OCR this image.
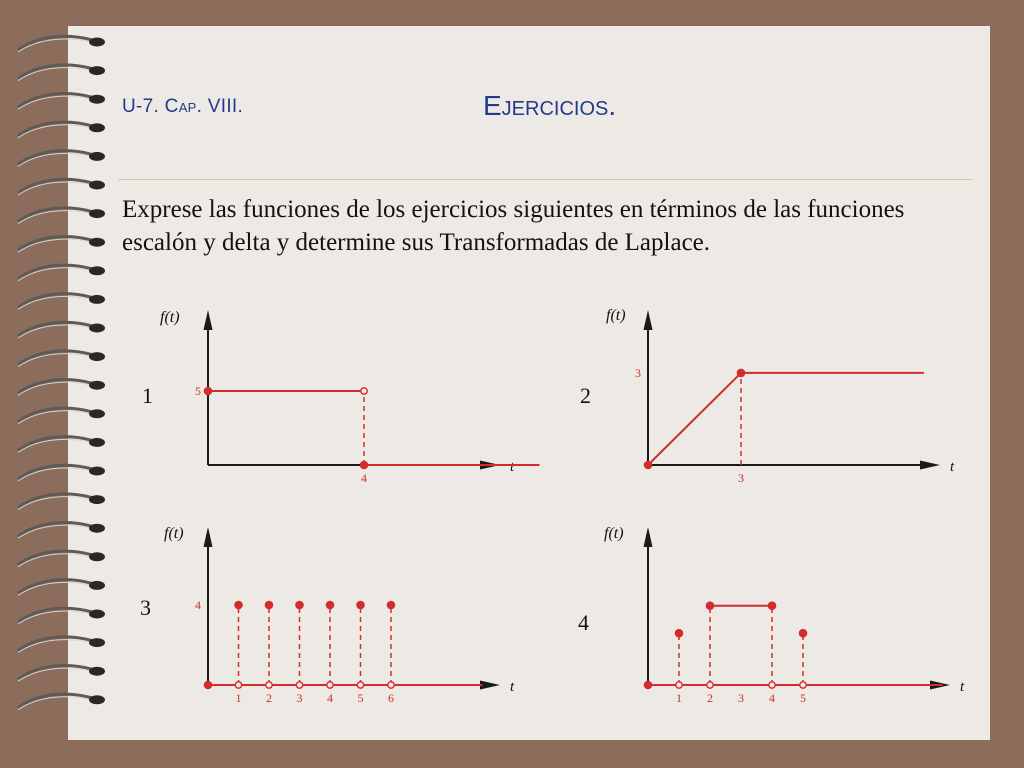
U-7. Cap. VIII.	Ejercicios.
Exprese las funciones de los ejercicios siguientes en términos de las funciones escalón y delta y determine sus Transformadas de Laplace.
f(t)
t
1
4
5
f(t)
t
2
3
3
f(t)
t
3
1 2 3 4 5 6
4
f(t)
t
4
1 2 3 4 5
